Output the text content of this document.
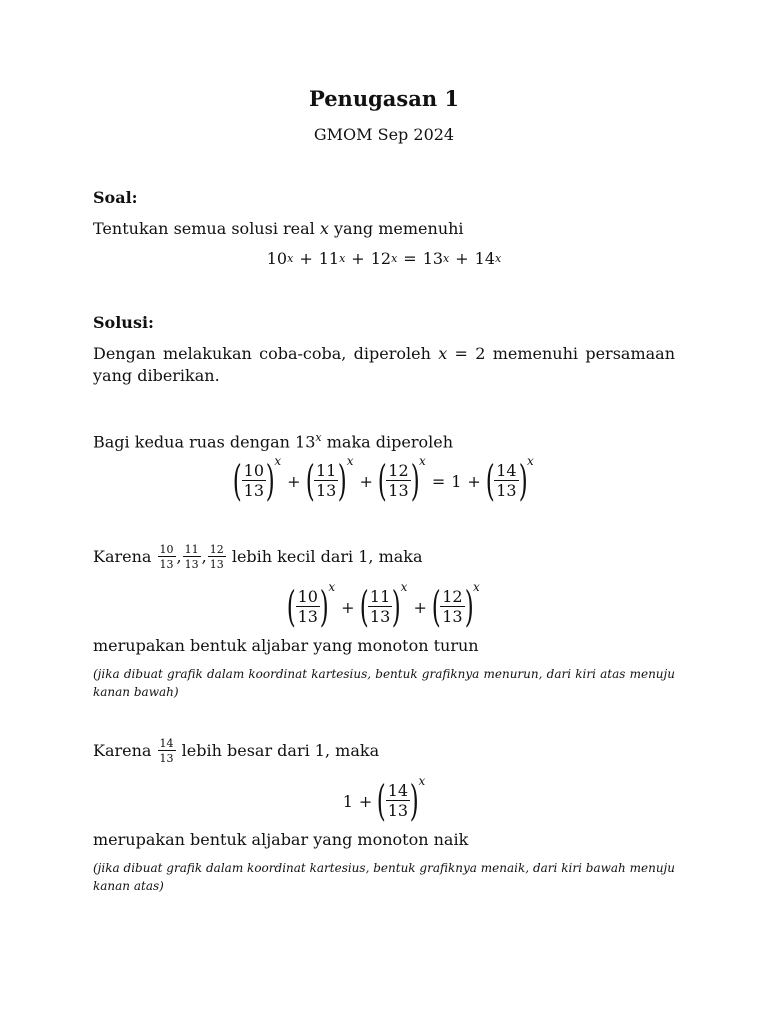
Penugasan 1
GMOM Sep 2024
Soal:
Tentukan semua solusi real x yang memenuhi
10 x + 11 x + 12 x = 13 x + 14 x
Solusi:
Dengan melakukan coba-coba, diperoleh x = 2 memenuhi persamaan yang diberikan.
Bagi kedua ruas dengan 13$^x$ maka diperoleh
( $\frac{10}{13} )^x$
+ ( $\frac{11}{13} )^x$
+ ( $\frac{12}{13} )^x$
= 1 + ( $\frac{14}{13} )^x$
Karena
$\frac{10}{13}$ , $\frac{11}{13}$ , $\frac{12}{13}$
lebih kecil dari 1, maka
( $\frac{10}{13} )^x$
+ ( $\frac{11}{13} )^x$
+ ( $\frac{12}{13} )^x$
merupakan bentuk aljabar yang monoton turun
(jika dibuat grafik dalam koordinat kartesius, bentuk grafiknya menurun, dari kiri atas menuju kanan bawah)
Karena
$\frac{14}{13}$
lebih besar dari 1, maka
1 + ( $\frac{14}{13} )^x$
merupakan bentuk aljabar yang monoton naik
(jika dibuat grafik dalam koordinat kartesius, bentuk grafiknya menaik, dari kiri bawah menuju kanan atas)
